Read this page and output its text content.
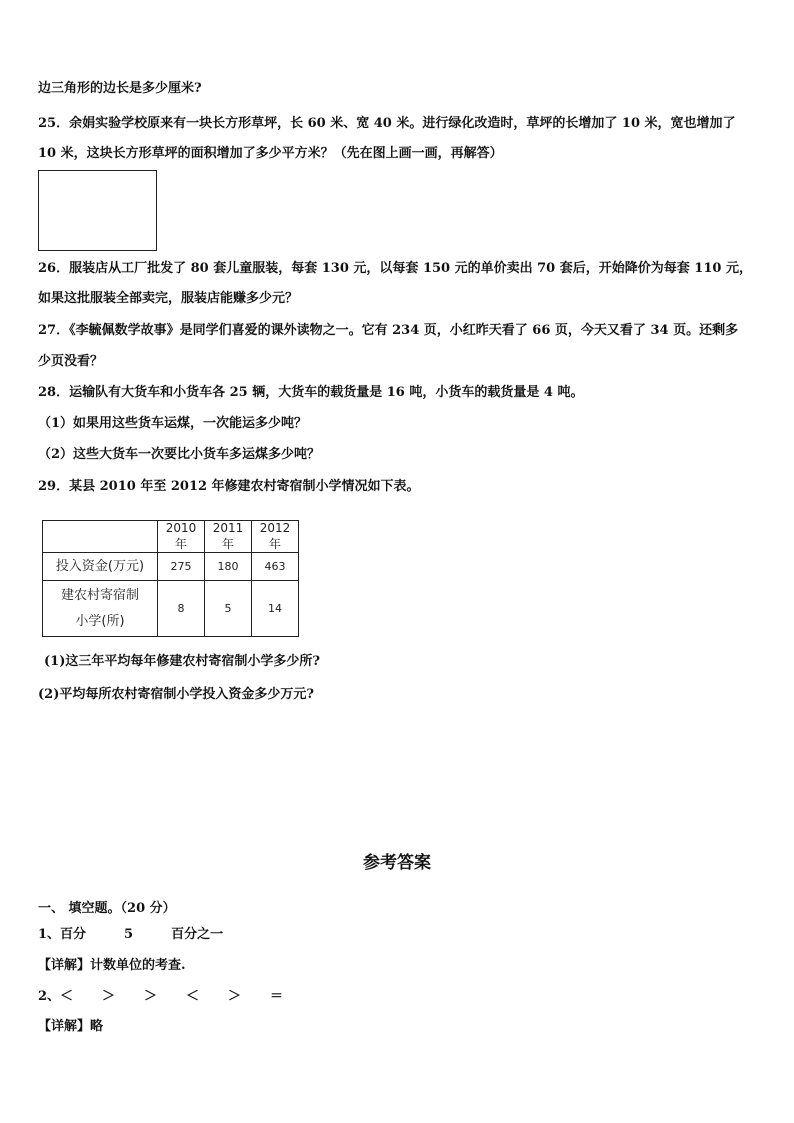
边三角形的边长是多少厘米?
25．余娟实验学校原来有一块长方形草坪，长 60 米、宽 40 米。进行绿化改造时，草坪的长增加了 10 米，宽也增加了
10 米，这块长方形草坪的面积增加了多少平方米？（先在图上画一画，再解答）
26．服装店从工厂批发了 80 套儿童服装，每套 130 元，以每套 150 元的单价卖出 70 套后，开始降价为每套 110 元，
如果这批服装全部卖完，服装店能赚多少元？
27．《李毓佩数学故事》是同学们喜爱的课外读物之一。它有 234 页，小红昨天看了 66 页，今天又看了 34 页。还剩多
少页没看？
28．运输队有大货车和小货车各 25 辆，大货车的载货量是 16 吨，小货车的载货量是 4 吨。
（1）如果用这些货车运煤，一次能运多少吨？
（2）这些大货车一次要比小货车多运煤多少吨？
29．某县 2010 年至 2012 年修建农村寄宿制小学情况如下表。
	2010 年	2011 年	2012 年
投入资金(万元)	275	180	463

建农村寄宿制
小学(所)	8	5	14
(1)这三年平均每年修建农村寄宿制小学多少所?
(2)平均每所农村寄宿制小学投入资金多少万元?
参考答案
一、 填空题。（20 分）
1、百分	5	百分之一
【详解】计数单位的考查.
2、＜ ＞ ＞ ＜ ＞ ＝
【详解】略
